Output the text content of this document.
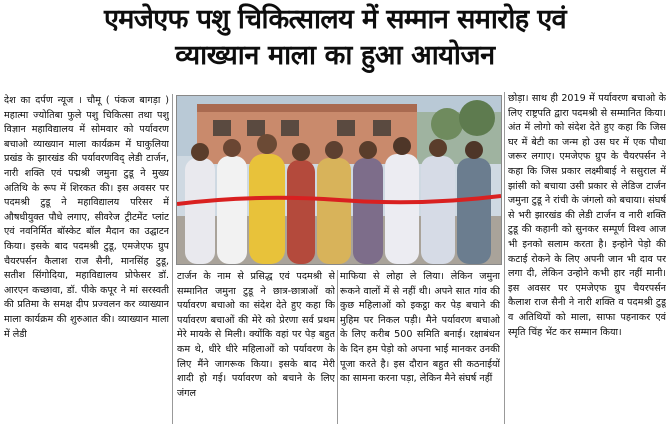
एमजेएफ पशु चिकित्सालय में सम्मान समारोह एवं
व्याख्यान माला का हुआ आयोजन

देश का दर्पण न्यूज । चौमू ( पंकज बागड़ा ) महात्मा ज्योतिबा फुले पशु चिकित्सा तथा पशु विज्ञान महाविद्यालय में सोमवार को पर्यावरण बचाओ व्याख्यान माला कार्यक्रम में घाकुलिया प्रखंड के झारखंड की पर्यावरणविद् लेडी टार्जन, नारी शक्ति एवं पद्मश्री जमुना टुडू ने मुख्य अतिथि के रूप में शिरकत की। इस अवसर पर पदमश्री टुडू ने महाविद्यालय परिसर में औषधीयुक्त पौधे लगाए, सीवरेज ट्रीटमेंट प्लांट एवं नवनिर्मित बॉस्केट बॉल मैदान का उद्घाटन किया। इसके बाद पदमश्री टुडू, एमजेएफ ग्रुप चैयरपर्सन कैलाश राज सैनी, मानसिंह टुडू, सतीश सिंगोदिया, महाविद्यालय प्रोफेसर डॉ. आरएन कच्छावा, डॉ. पीके कपूर ने मां सरस्वती की प्रतिमा के समक्ष दीप प्रज्वलन कर व्याख्यान माला कार्यक्रम की शुरुआत की। व्याख्यान माला में लेडी

टार्जन के नाम से प्रसिद्ध एवं पदमश्री से सम्मानित जमुना टुडू ने छात्र-छात्राओं को पर्यावरण बचाओ का संदेश देते हुए कहा कि पर्यावरण बचाओं की मेरे को प्रेरणा सर्व प्रथम मेरे मायके से मिली। क्योंकि वहां पर पेड़ बहुत कम थे, धीरे धीरे महिलाओं को पर्यावरण के लिए मैंने जागरूक किया। इसके बाद मेरी शादी हो गई। पर्यावरण को बचाने के लिए जंगल

माफिया से लोहा ले लिया। लेकिन जमुना रूकने वालों में से नहीं थी। अपने सात गांव की कुछ महिलाओं को इकट्ठा कर पेड़ बचाने की मुहिम पर निकल पड़ी। मैने पर्यावरण बचाओ के लिए करीब 500 समिति बनाई। रक्षाबंधन के दिन हम पेड़ो को अपना भाई मानकर उनकी पूजा करते है। इस दौरान बहुत सी कठनाईयों का सामना करना पड़ा, लेकिन मैने संघर्ष नहीं

छोड़ा। साथ ही 2019 में पर्यावरण बचाओ के लिए राष्ट्रपति द्वारा पदमश्री से सम्मानित किया। अंत में लोगो को संदेश देते हुए कहा कि जिस घर में बेटी का जन्म हो उस घर में एक पौधा जरूर लगाए। एमजेएफ ग्रुप के चैयरपर्सन ने कहा कि जिस प्रकार लक्ष्मीबाई ने ससुराल में झांसी को बचाया उसी प्रकार से लेडिज टार्जन जमुना टुडू ने रांची के जंगलो को बचाया। संघर्ष से भरी झारखंड की लेडी टार्जन व नारी शक्ति टुडू की कहानी को सुनकर सम्पूर्ण विश्व आज भी इनको सलाम करता है। इन्होने पेड़ो की कटाई रोकने के लिए अपनी जान भी दाव पर लगा दी, लेकिन उन्होने कभी हार नहीं मानी। इस अवसर पर एमजेएफ ग्रुप चैयरपर्सन कैलाश राज सैनी ने नारी शक्ति व पदमश्री टुडू व अतिथियों को माला, साफा पहनाकर एवं स्मृति चिंह भेंट कर सम्मान किया।
